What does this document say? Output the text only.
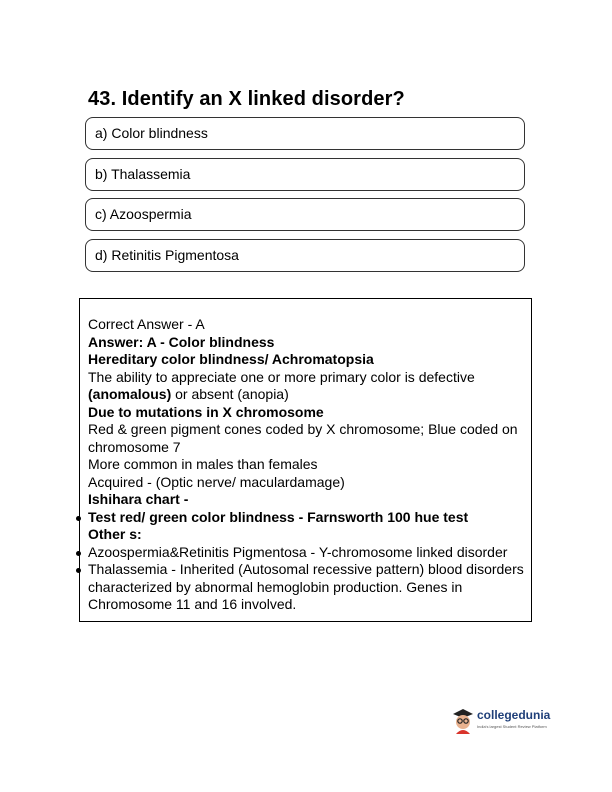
43. Identify an X linked disorder?
a) Color blindness
b) Thalassemia
c) Azoospermia
d) Retinitis Pigmentosa
Correct Answer - A
Answer: A - Color blindness
Hereditary color blindness/ Achromatopsia
The ability to appreciate one or more primary color is defective
(anomalous) or absent (anopia)
Due to mutations in X chromosome
Red & green pigment cones coded by X chromosome; Blue coded on chromosome 7
More common in males than females
Acquired - (Optic nerve/ maculardamage)
Ishihara chart -
Test red/ green color blindness - Farnsworth 100 hue test
Other s:
Azoospermia&Retinitis Pigmentosa - Y-chromosome linked disorder
Thalassemia - Inherited (Autosomal recessive pattern) blood disorders characterized by abnormal hemoglobin production. Genes in Chromosome 11 and 16 involved.
collegedunia
India's largest Student Review Platform
